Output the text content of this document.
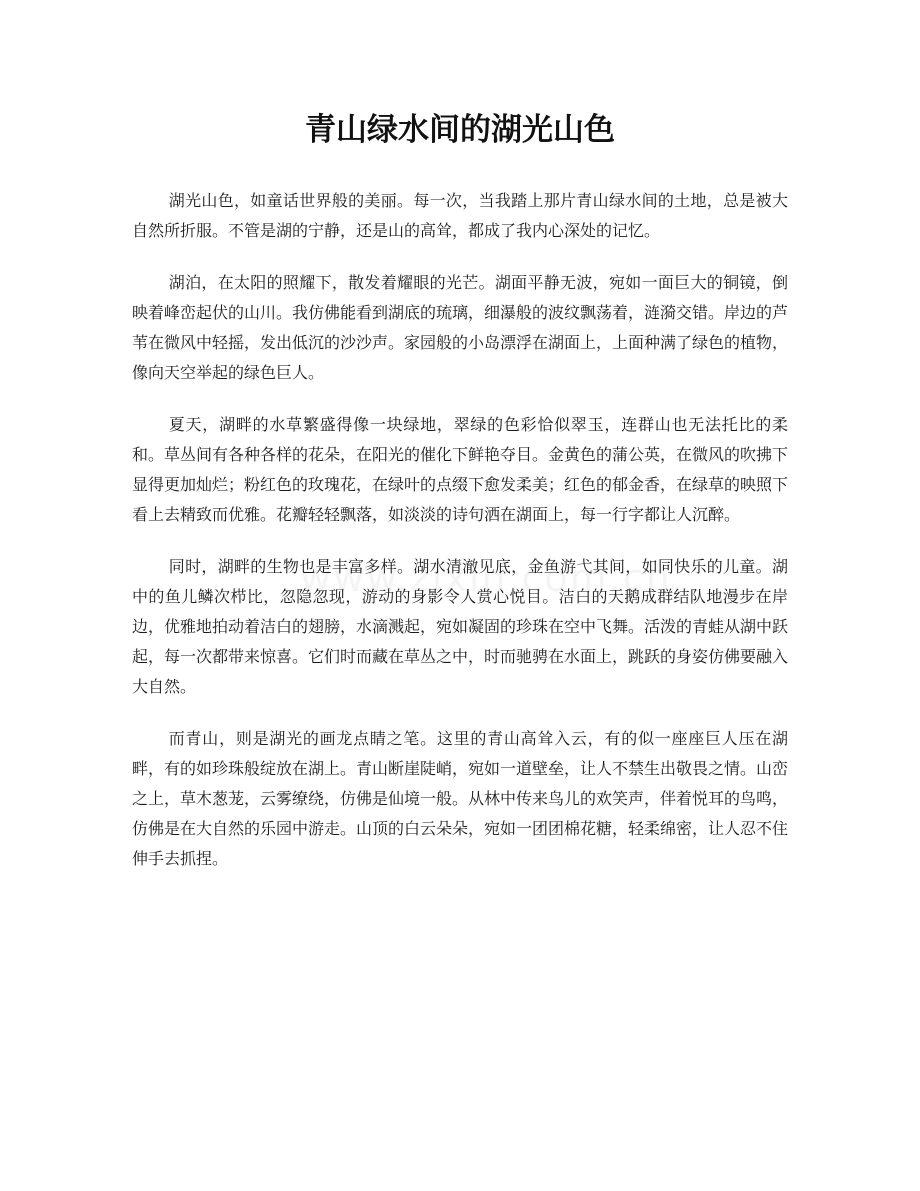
青山绿水间的湖光山色

湖光山色，如童话世界般的美丽。每一次，当我踏上那片青山绿水间的土地，总是被大自然所折服。不管是湖的宁静，还是山的高耸，都成了我内心深处的记忆。

湖泊，在太阳的照耀下，散发着耀眼的光芒。湖面平静无波，宛如一面巨大的铜镜，倒映着峰峦起伏的山川。我仿佛能看到湖底的琉璃，细瀑般的波纹飘荡着，涟漪交错。岸边的芦苇在微风中轻摇，发出低沉的沙沙声。家园般的小岛漂浮在湖面上，上面种满了绿色的植物，像向天空举起的绿色巨人。

夏天，湖畔的水草繁盛得像一块绿地，翠绿的色彩恰似翠玉，连群山也无法托比的柔和。草丛间有各种各样的花朵，在阳光的催化下鲜艳夺目。金黄色的蒲公英，在微风的吹拂下显得更加灿烂；粉红色的玫瑰花，在绿叶的点缀下愈发柔美；红色的郁金香，在绿草的映照下看上去精致而优雅。花瓣轻轻飘落，如淡淡的诗句洒在湖面上，每一行字都让人沉醉。

同时，湖畔的生物也是丰富多样。湖水清澈见底，金鱼游弋其间，如同快乐的儿童。湖中的鱼儿鳞次栉比，忽隐忽现，游动的身影令人赏心悦目。洁白的天鹅成群结队地漫步在岸边，优雅地拍动着洁白的翅膀，水滴溅起，宛如凝固的珍珠在空中飞舞。活泼的青蛙从湖中跃起，每一次都带来惊喜。它们时而藏在草丛之中，时而驰骋在水面上，跳跃的身姿仿佛要融入大自然。

而青山，则是湖光的画龙点睛之笔。这里的青山高耸入云，有的似一座座巨人压在湖畔，有的如珍珠般绽放在湖上。青山断崖陡峭，宛如一道壁垒，让人不禁生出敬畏之情。山峦之上，草木葱茏，云雾缭绕，仿佛是仙境一般。从林中传来鸟儿的欢笑声，伴着悦耳的鸟鸣，仿佛是在大自然的乐园中游走。山顶的白云朵朵，宛如一团团棉花糖，轻柔绵密，让人忍不住伸手去抓捏。
